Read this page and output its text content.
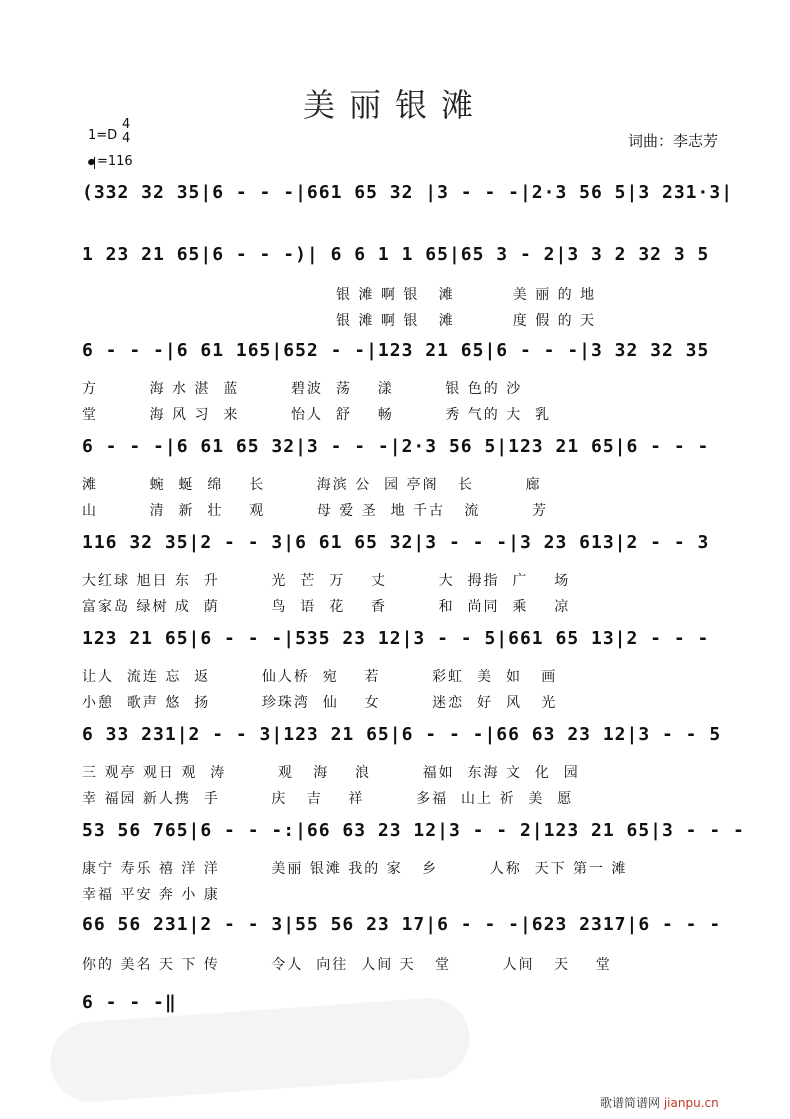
美丽银滩
1=D
4
4
=116
词曲：李志芳
(332 32 35|6 - - -|661 65 32 |3 - - -|2·3 56 5|3 231·3|
1 23 21 65|6 - - -)| 6 6 1 1 65|65 3 - 2|3 3 2 32 3 5
6 - - -|6 61 165|652 - -|123 21 65|6 - - -|3 32 32 35
6 - - -|6 61 65 32|3 - - -|2·3 56 5|123 21 65|6 - - -
116 32 35|2 - - 3|6 61 65 32|3 - - -|3 23 613|2 - - 3
123 21 65|6 - - -|535 23 12|3 - - 5|661 65 13|2 - - -
6 33 231|2 - - 3|123 21 65|6 - - -|66 63 23 12|3 - - 5
53 56 765|6 - - -:|66 63 23 12|3 - - 2|123 21 65|3 - - -
66 56 231|2 - - 3|55 56 23 17|6 - - -|623 2317|6 - - -
6 - - -‖
银 滩 啊 银   滩         美 丽 的 地
银 滩 啊 银   滩         度 假 的 天
方        海 水 湛  蓝        碧波  荡    漾        银 色的 沙
堂        海 风 习  来        怡人  舒    畅        秀 气的 大  乳
滩        蜿  蜒  绵    长        海滨 公  园 亭阁   长        廊
山        清  新  壮    观        母 爱 圣  地 千古   流        芳
大红球 旭日 东  升        光  芒  万    丈        大  拇指  广    场
富家岛 绿树 成  荫        鸟  语  花    香        和  尚同  乘    凉
让人  流连 忘  返        仙人桥  宛    若        彩虹  美  如   画
小憩  歌声 悠  扬        珍珠湾  仙    女        迷恋  好  风   光
三 观亭 观日 观  涛        观   海    浪        福如  东海 文  化  园
幸 福园 新人携  手        庆   吉    祥        多福  山上 祈  美  愿
康宁 寿乐 禧 洋 洋        美丽 银滩 我的 家   乡        人称  天下 第一 滩
幸福 平安 奔 小 康
你的 美名 天 下 传        令人  向往  人间 天   堂        人间   天    堂
歌谱简谱网 jianpu.cn
